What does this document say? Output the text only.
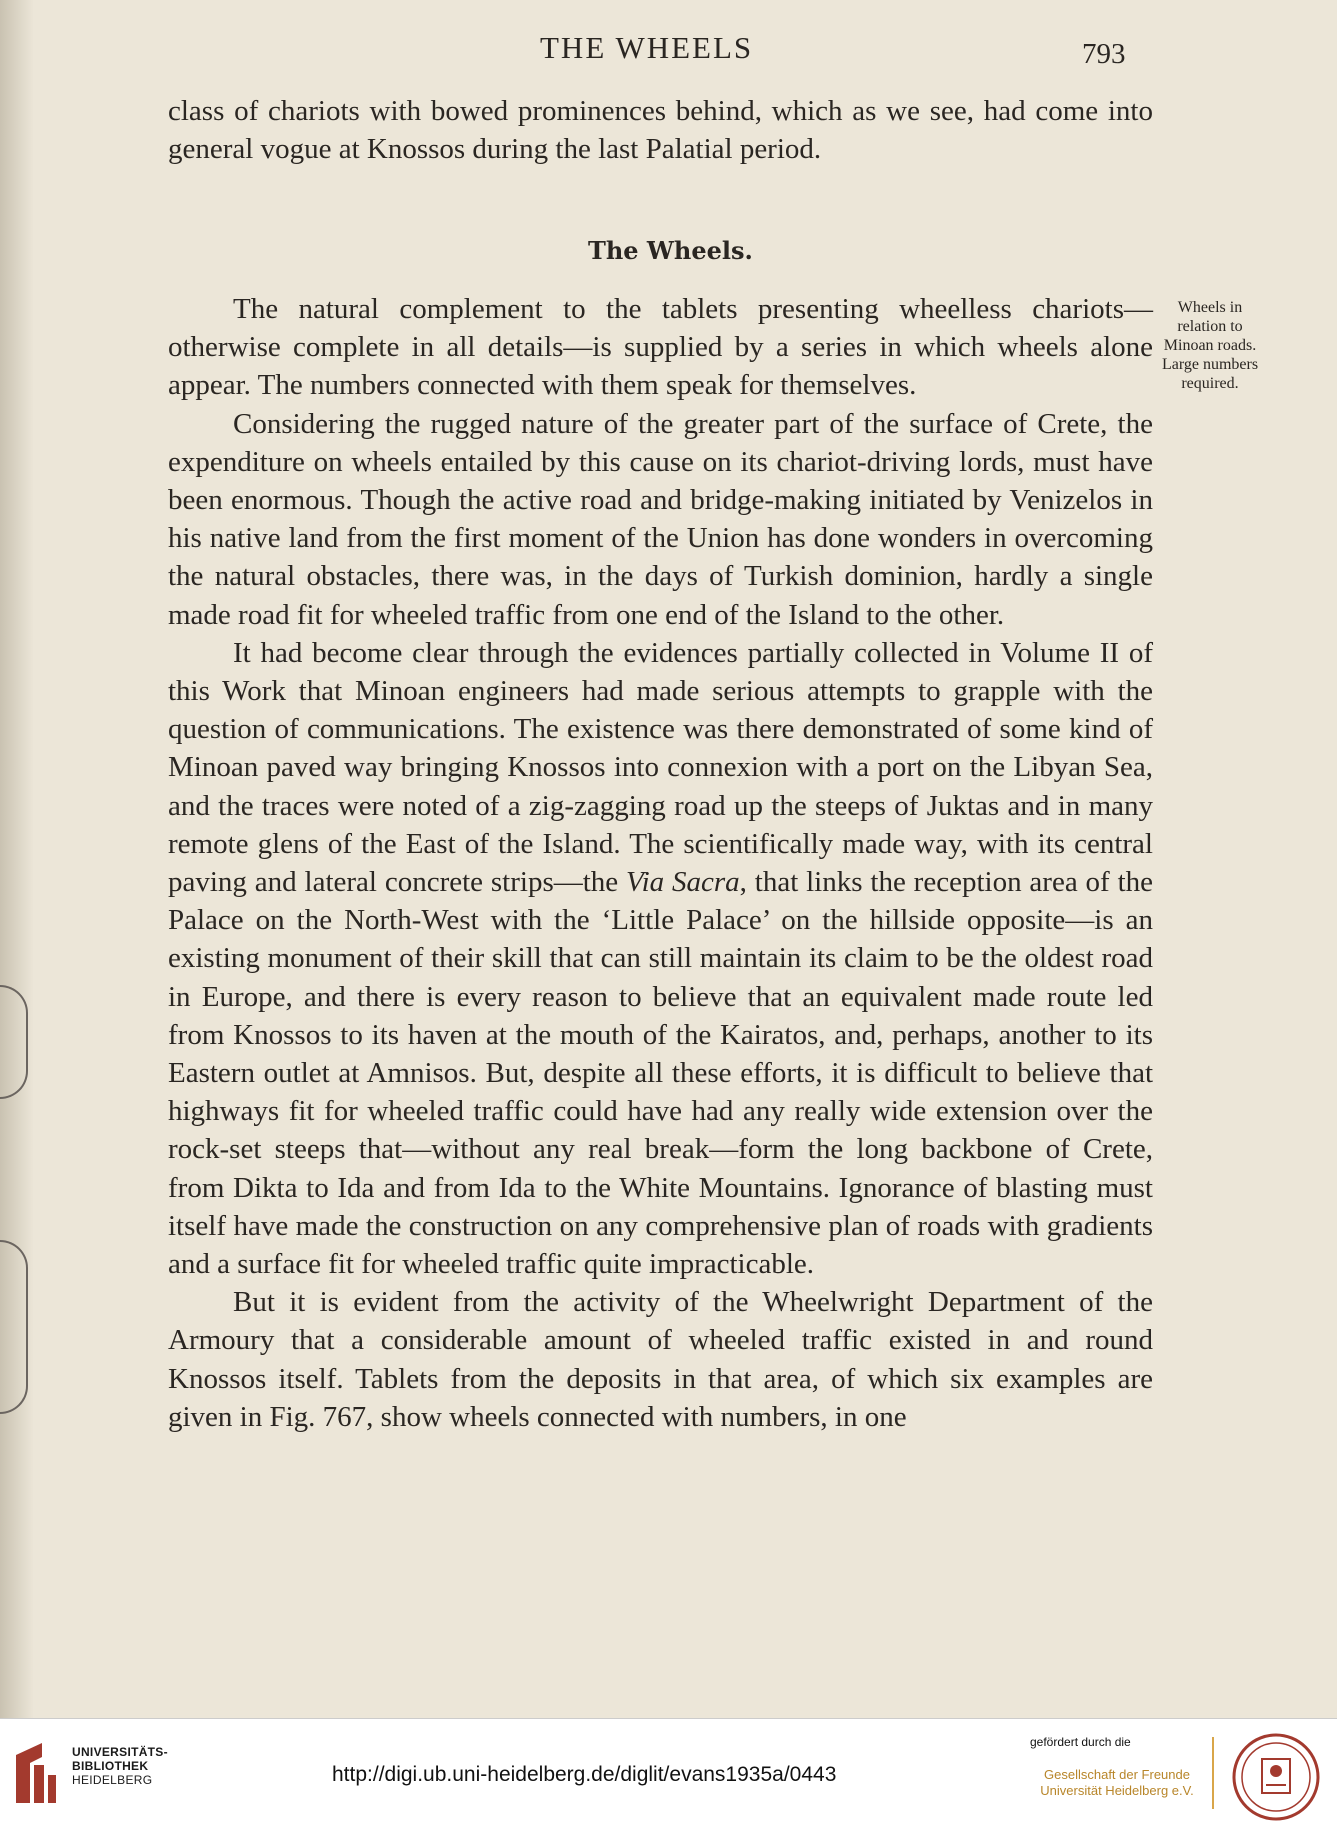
THE WHEELS	793
class of chariots with bowed prominences behind, which as we see, had come into general vogue at Knossos during the last Palatial period.
The Wheels.

The natural complement to the tablets presenting wheelless chariots—otherwise complete in all details—is supplied by a series in which wheels alone appear. The numbers connected with them speak for themselves.

Considering the rugged nature of the greater part of the surface of Crete, the expenditure on wheels entailed by this cause on its chariot-driving lords, must have been enormous. Though the active road and bridge-making initiated by Venizelos in his native land from the first moment of the Union has done wonders in overcoming the natural obstacles, there was, in the days of Turkish dominion, hardly a single made road fit for wheeled traffic from one end of the Island to the other.

It had become clear through the evidences partially collected in Volume II of this Work that Minoan engineers had made serious attempts to grapple with the question of communications. The existence was there demonstrated of some kind of Minoan paved way bringing Knossos into connexion with a port on the Libyan Sea, and the traces were noted of a zig-zagging road up the steeps of Juktas and in many remote glens of the East of the Island. The scientifically made way, with its central paving and lateral concrete strips—the Via Sacra, that links the reception area of the Palace on the North-West with the ‘Little Palace’ on the hillside opposite—is an existing monument of their skill that can still maintain its claim to be the oldest road in Europe, and there is every reason to believe that an equivalent made route led from Knossos to its haven at the mouth of the Kairatos, and, perhaps, another to its Eastern outlet at Amnisos. But, despite all these efforts, it is difficult to believe that highways fit for wheeled traffic could have had any really wide extension over the rock-set steeps that—without any real break—form the long backbone of Crete, from Dikta to Ida and from Ida to the White Mountains. Ignorance of blasting must itself have made the construction on any comprehensive plan of roads with gradients and a surface fit for wheeled traffic quite impracticable.

But it is evident from the activity of the Wheelwright Department of the Armoury that a considerable amount of wheeled traffic existed in and round Knossos itself. Tablets from the deposits in that area, of which six examples are given in Fig. 767, show wheels connected with numbers, in one

Wheels in relation to Minoan roads. Large numbers required.
UNIVERSITÄTS-
BIBLIOTHEK
HEIDELBERG	http://digi.ub.uni-heidelberg.de/diglit/evans1935a/0443
gefördert durch die
Gesellschaft der Freunde
Universität Heidelberg e.V.
